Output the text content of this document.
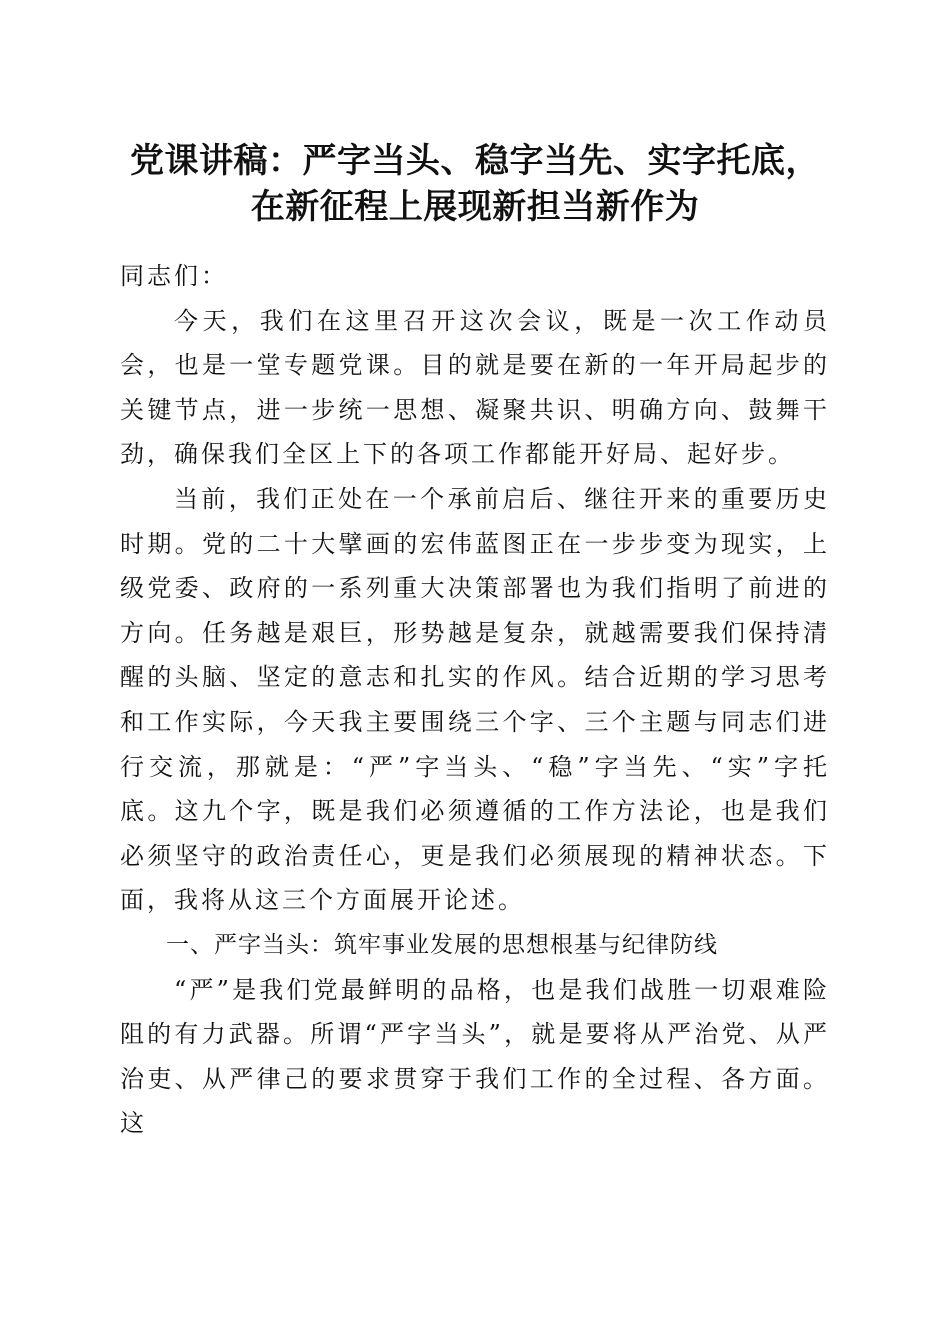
党课讲稿：严字当头、稳字当先、实字托底，
在新征程上展现新担当新作为

同志们：

今天，我们在这里召开这次会议，既是一次工作动员会，也是一堂专题党课。目的就是要在新的一年开局起步的关键节点，进一步统一思想、凝聚共识、明确方向、鼓舞干劲，确保我们全区上下的各项工作都能开好局、起好步。

当前，我们正处在一个承前启后、继往开来的重要历史时期。党的二十大擘画的宏伟蓝图正在一步步变为现实，上级党委、政府的一系列重大决策部署也为我们指明了前进的方向。任务越是艰巨，形势越是复杂，就越需要我们保持清醒的头脑、坚定的意志和扎实的作风。结合近期的学习思考和工作实际，今天我主要围绕三个字、三个主题与同志们进行交流，那就是：“严”字当头、“稳”字当先、“实”字托底。这九个字，既是我们必须遵循的工作方法论，也是我们必须坚守的政治责任心，更是我们必须展现的精神状态。下面，我将从这三个方面展开论述。

一、严字当头：筑牢事业发展的思想根基与纪律防线

“严”是我们党最鲜明的品格，也是我们战胜一切艰难险阻的有力武器。所谓“严字当头”，就是要将从严治党、从严治吏、从严律己的要求贯穿于我们工作的全过程、各方面。这
